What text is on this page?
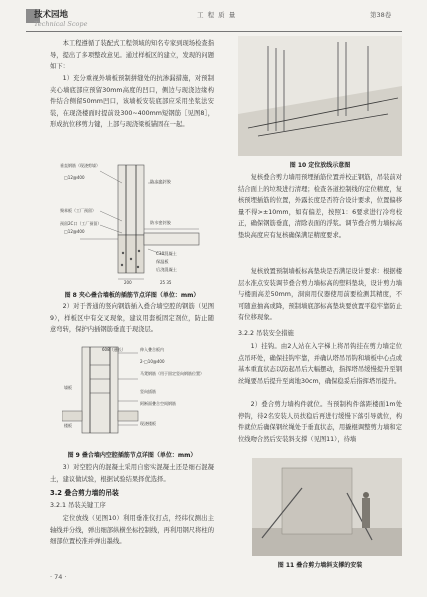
技术园地
Technical Scope
工 程 质 量	第38卷

本工程遵循了装配式工程领域的知名专家到现场检查指导，提出了多项整改意见。通过样板区的建立，发现的问题如下：

1）充分重视外墙板预制拼缝处的抗渗漏措施，对预制夹心墙底部应预留30mm高度的凹口，侧边与现浇边缘构件结合侧留50mm凹口，该墙板安装底部应采用坐浆法安装，在现浇楼面时提前设300~400mm短钢筋［见图8］，形成抗位移剪力键，上部与现浇梁板锚固在一起。

垂直钢筋（现浇剪墙）
□12@400
防水密封胶
聚苯板（工厂预留）
预留2C口（工厂预留）
□12@400
防水密封胶
C30混凝土
保温板
后浇混凝土
200	25 35
图 8 夹心叠合墙板的插筋节点详图（单位：mm）

2）对于普通的竖向钢筋插入叠合墙空腔的钢筋（见图9），样板区中有交叉现象，建议用套板固定剂位，防止随意弯转，保护内插钢筋垂直于现浇层。

608（通长）	伸入叠合板内
2-□10@400
马凳钢筋（用于固定竖向钢筋位置）
竖向插筋
墙板
阿断面叠合空间钢筋
楼板	现浇楼板
图 9 叠合墙内空腔插筋节点详图（单位：mm）

3）对空腔内的混凝土采用自密实混凝土还是细石混凝土，建议做试验，根据试验结果择优选择。

3.2 叠合剪力墙的吊装
3.2.1 吊装关键工序

定位放线（见图10）利用垂准仪打点，经纬仪测出主轴线并分线，弹出细部纵横坐标控制线，再利用钢尺将柱的细部位置校准并弹出墨线。

· 74 ·
图 10 定位放线示意图

复核叠合剪力墙用预埋插筋位置并校正钢筋，吊装前对结合面上的垃圾进行清理；检查各道控制线的定位精度，复核预埋插筋的位置，外露长度是否符合设计要求，位置偏移量不得>±10mm，如有偏差，按照1：6要求进行冷弯校正，确保钢筋垂直，清除表面的浮浆。调节叠合剪力墙标高垫块高度应有复核确保满足精度要求。

复核放置预制墙板标高垫块是否满足设计要求：根据楼层水准点安装调节叠合剪力墙标高的塑料垫块，设计剪力墙与楼面高差50mm，洞窗用仪器使用前要检测其精度，不可随意抽高或降，预制墙底部标高垫块要放置平稳牢靠防止有位移现象。

3.2.2 吊装安全措施

1）挂钩。由2人站在入字梯上将吊钩挂在剪力墙定位点吊环处，确保挂钩牢靠，并确认塔吊吊钩和墙板中心点或基本重直状态以防起吊后大幅摆动，指挥塔吊缓慢提升至钢丝绳要吊后提升至离地30cm，确保稳妥后指挥塔吊提升。

2）叠合剪力墙构件就位。当预制构件落距楼面1m处停钩，待2名安装人员扶稳后再进行缓慢下落引导就位，构件就位后确保钢丝绳处于垂直状态，用撬棍调整剪力墙和定位线吻合然后安装斜支撑（见图11），待墙

图 11 叠合剪力墙斜支撑的安装
